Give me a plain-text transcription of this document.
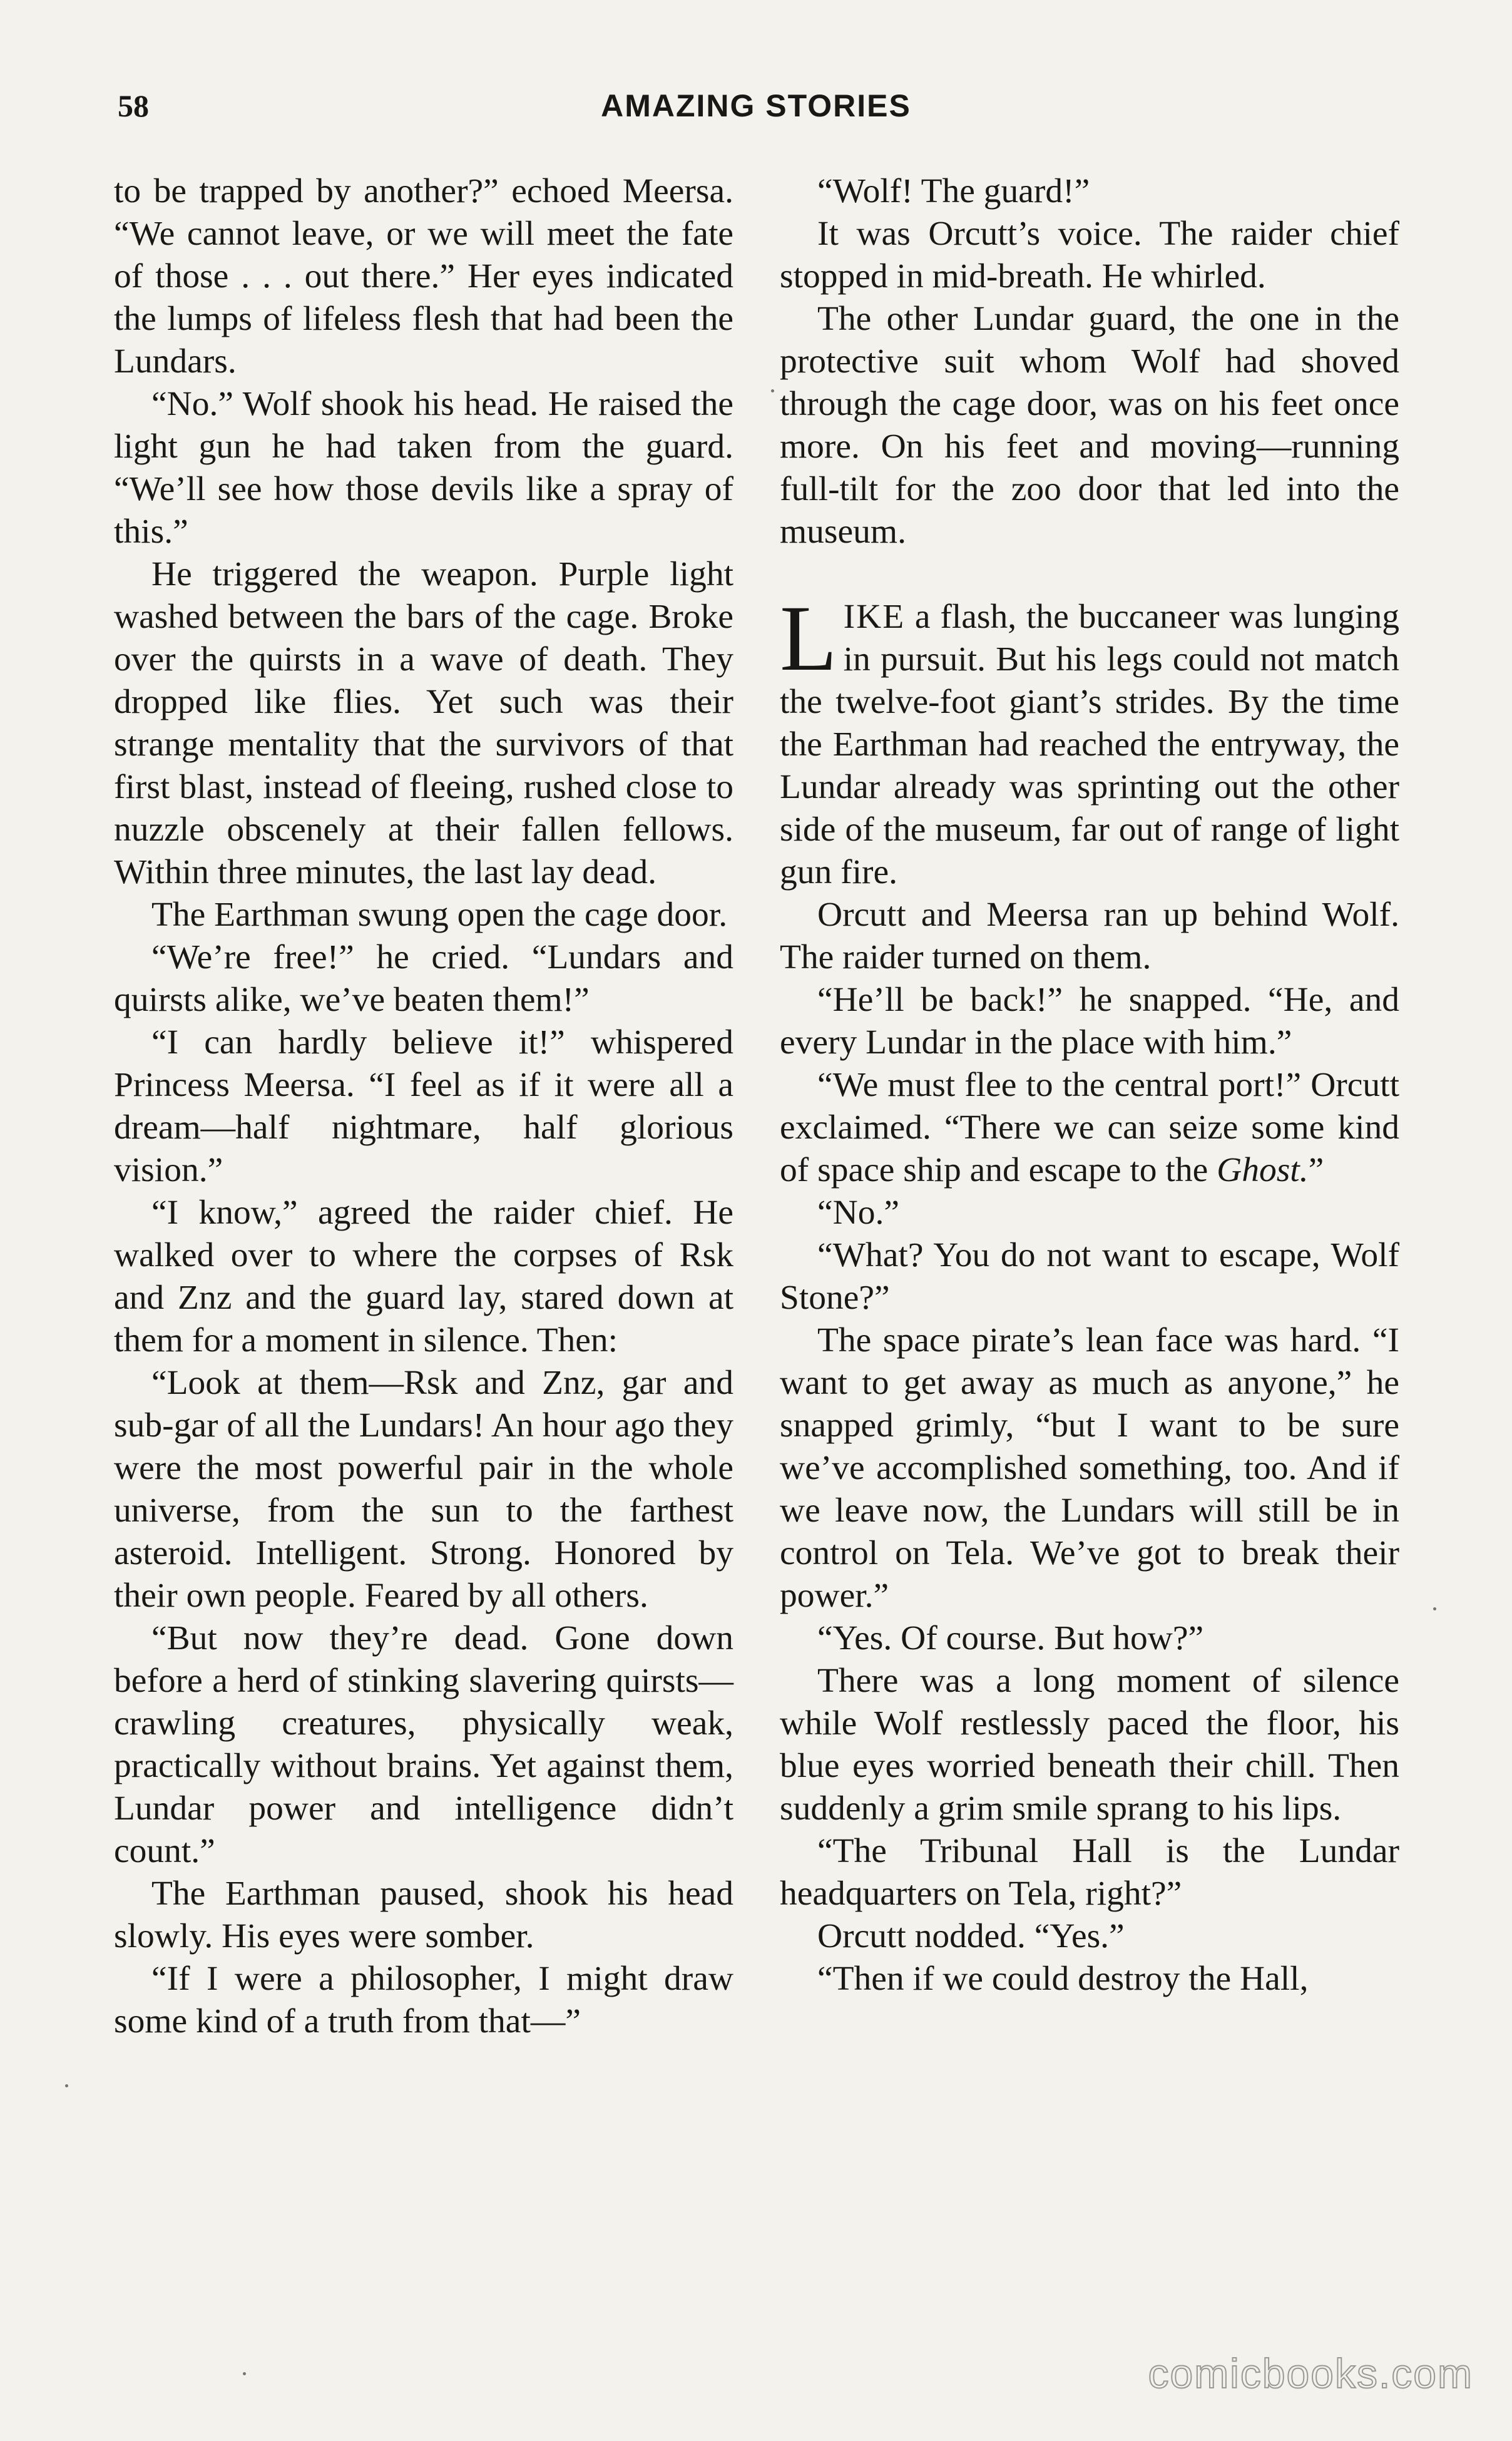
58	AMAZING STORIES

to be trapped by another?” echoed Meersa. “We cannot leave, or we will meet the fate of those . . . out there.” Her eyes indicated the lumps of lifeless flesh that had been the Lundars.

“No.” Wolf shook his head. He raised the light gun he had taken from the guard. “We’ll see how those devils like a spray of this.”

He triggered the weapon. Purple light washed between the bars of the cage. Broke over the quirsts in a wave of death. They dropped like flies. Yet such was their strange mentality that the survivors of that first blast, instead of fleeing, rushed close to nuzzle obscenely at their fallen fellows. Within three minutes, the last lay dead.

The Earthman swung open the cage door.

“We’re free!” he cried. “Lundars and quirsts alike, we’ve beaten them!”

“I can hardly believe it!” whispered Princess Meersa. “I feel as if it were all a dream—half nightmare, half glorious vision.”

“I know,” agreed the raider chief. He walked over to where the corpses of Rsk and Znz and the guard lay, stared down at them for a moment in silence. Then:

“Look at them—Rsk and Znz, gar and sub-gar of all the Lundars! An hour ago they were the most powerful pair in the whole universe, from the sun to the farthest asteroid. Intelligent. Strong. Honored by their own people. Feared by all others.

“But now they’re dead. Gone down before a herd of stinking slavering quirsts—crawling creatures, physically weak, practically without brains. Yet against them, Lundar power and intelligence didn’t count.”

The Earthman paused, shook his head slowly. His eyes were somber.

“If I were a philosopher, I might draw some kind of a truth from that—”

“Wolf! The guard!”

It was Orcutt’s voice. The raider chief stopped in mid-breath. He whirled.

The other Lundar guard, the one in the protective suit whom Wolf had shoved through the cage door, was on his feet once more. On his feet and moving—running full-tilt for the zoo door that led into the museum.

LIKE a flash, the buccaneer was lunging in pursuit. But his legs could not match the twelve-foot giant’s strides. By the time the Earthman had reached the entryway, the Lundar already was sprinting out the other side of the museum, far out of range of light gun fire.

Orcutt and Meersa ran up behind Wolf. The raider turned on them.

“He’ll be back!” he snapped. “He, and every Lundar in the place with him.”

“We must flee to the central port!” Orcutt exclaimed. “There we can seize some kind of space ship and escape to the Ghost.”

“No.”

“What? You do not want to escape, Wolf Stone?”

The space pirate’s lean face was hard. “I want to get away as much as anyone,” he snapped grimly, “but I want to be sure we’ve accomplished something, too. And if we leave now, the Lundars will still be in control on Tela. We’ve got to break their power.”

“Yes. Of course. But how?”

There was a long moment of silence while Wolf restlessly paced the floor, his blue eyes worried beneath their chill. Then suddenly a grim smile sprang to his lips.

“The Tribunal Hall is the Lundar headquarters on Tela, right?”

Orcutt nodded. “Yes.”

“Then if we could destroy the Hall,

comicbooks.com
